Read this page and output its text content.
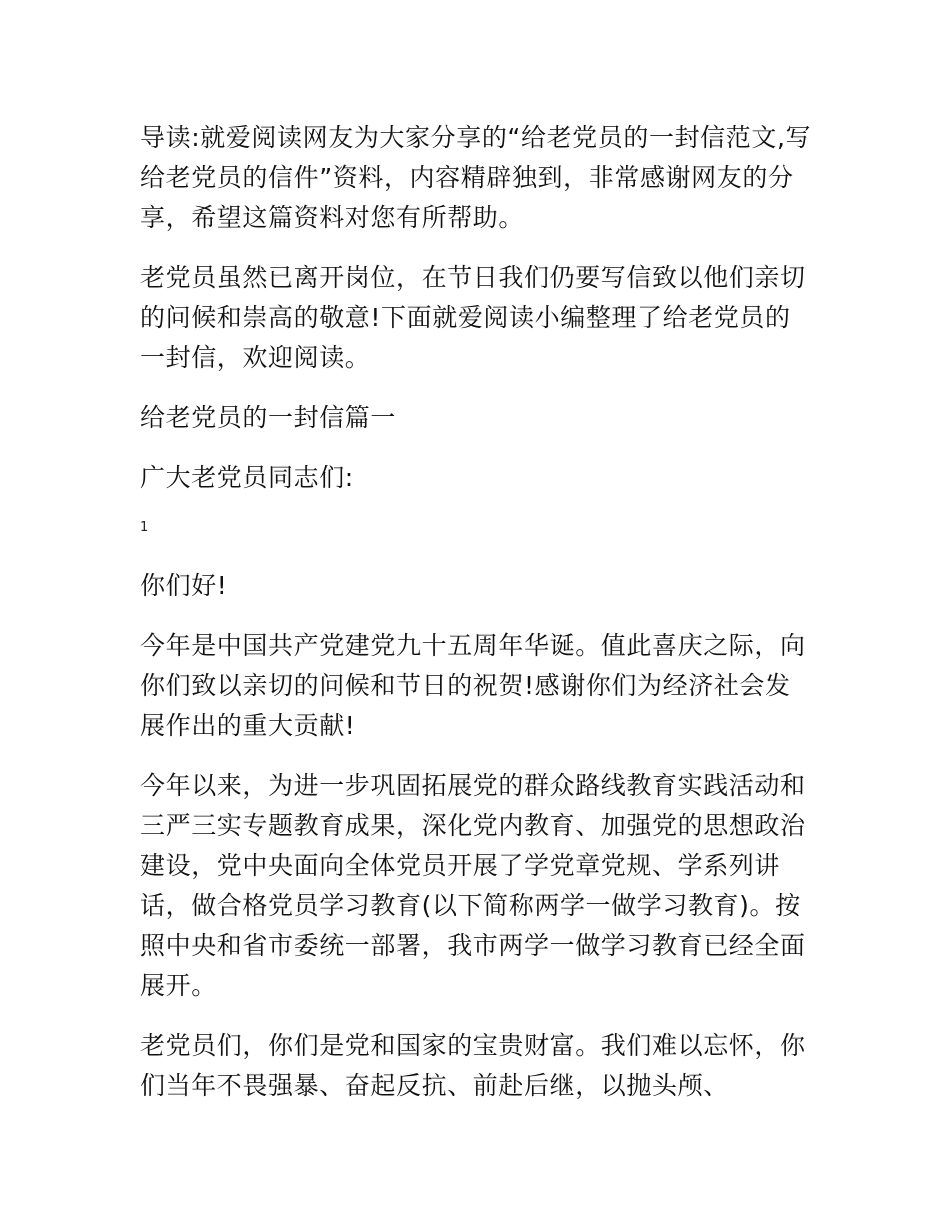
导读:就爱阅读网友为大家分享的“给老党员的一封信范文,写给老党员的信件”资料，内容精辟独到，非常感谢网友的分享，希望这篇资料对您有所帮助。

老党员虽然已离开岗位，在节日我们仍要写信致以他们亲切的问候和崇高的敬意!下面就爱阅读小编整理了给老党员的一封信，欢迎阅读。

给老党员的一封信篇一

广大老党员同志们:

1

你们好!

今年是中国共产党建党九十五周年华诞。值此喜庆之际，向你们致以亲切的问候和节日的祝贺!感谢你们为经济社会发展作出的重大贡献!

今年以来，为进一步巩固拓展党的群众路线教育实践活动和三严三实专题教育成果，深化党内教育、加强党的思想政治建设，党中央面向全体党员开展了学党章党规、学系列讲话，做合格党员学习教育(以下简称两学一做学习教育)。按照中央和省市委统一部署，我市两学一做学习教育已经全面展开。

老党员们，你们是党和国家的宝贵财富。我们难以忘怀，你们当年不畏强暴、奋起反抗、前赴后继，以抛头颅、
